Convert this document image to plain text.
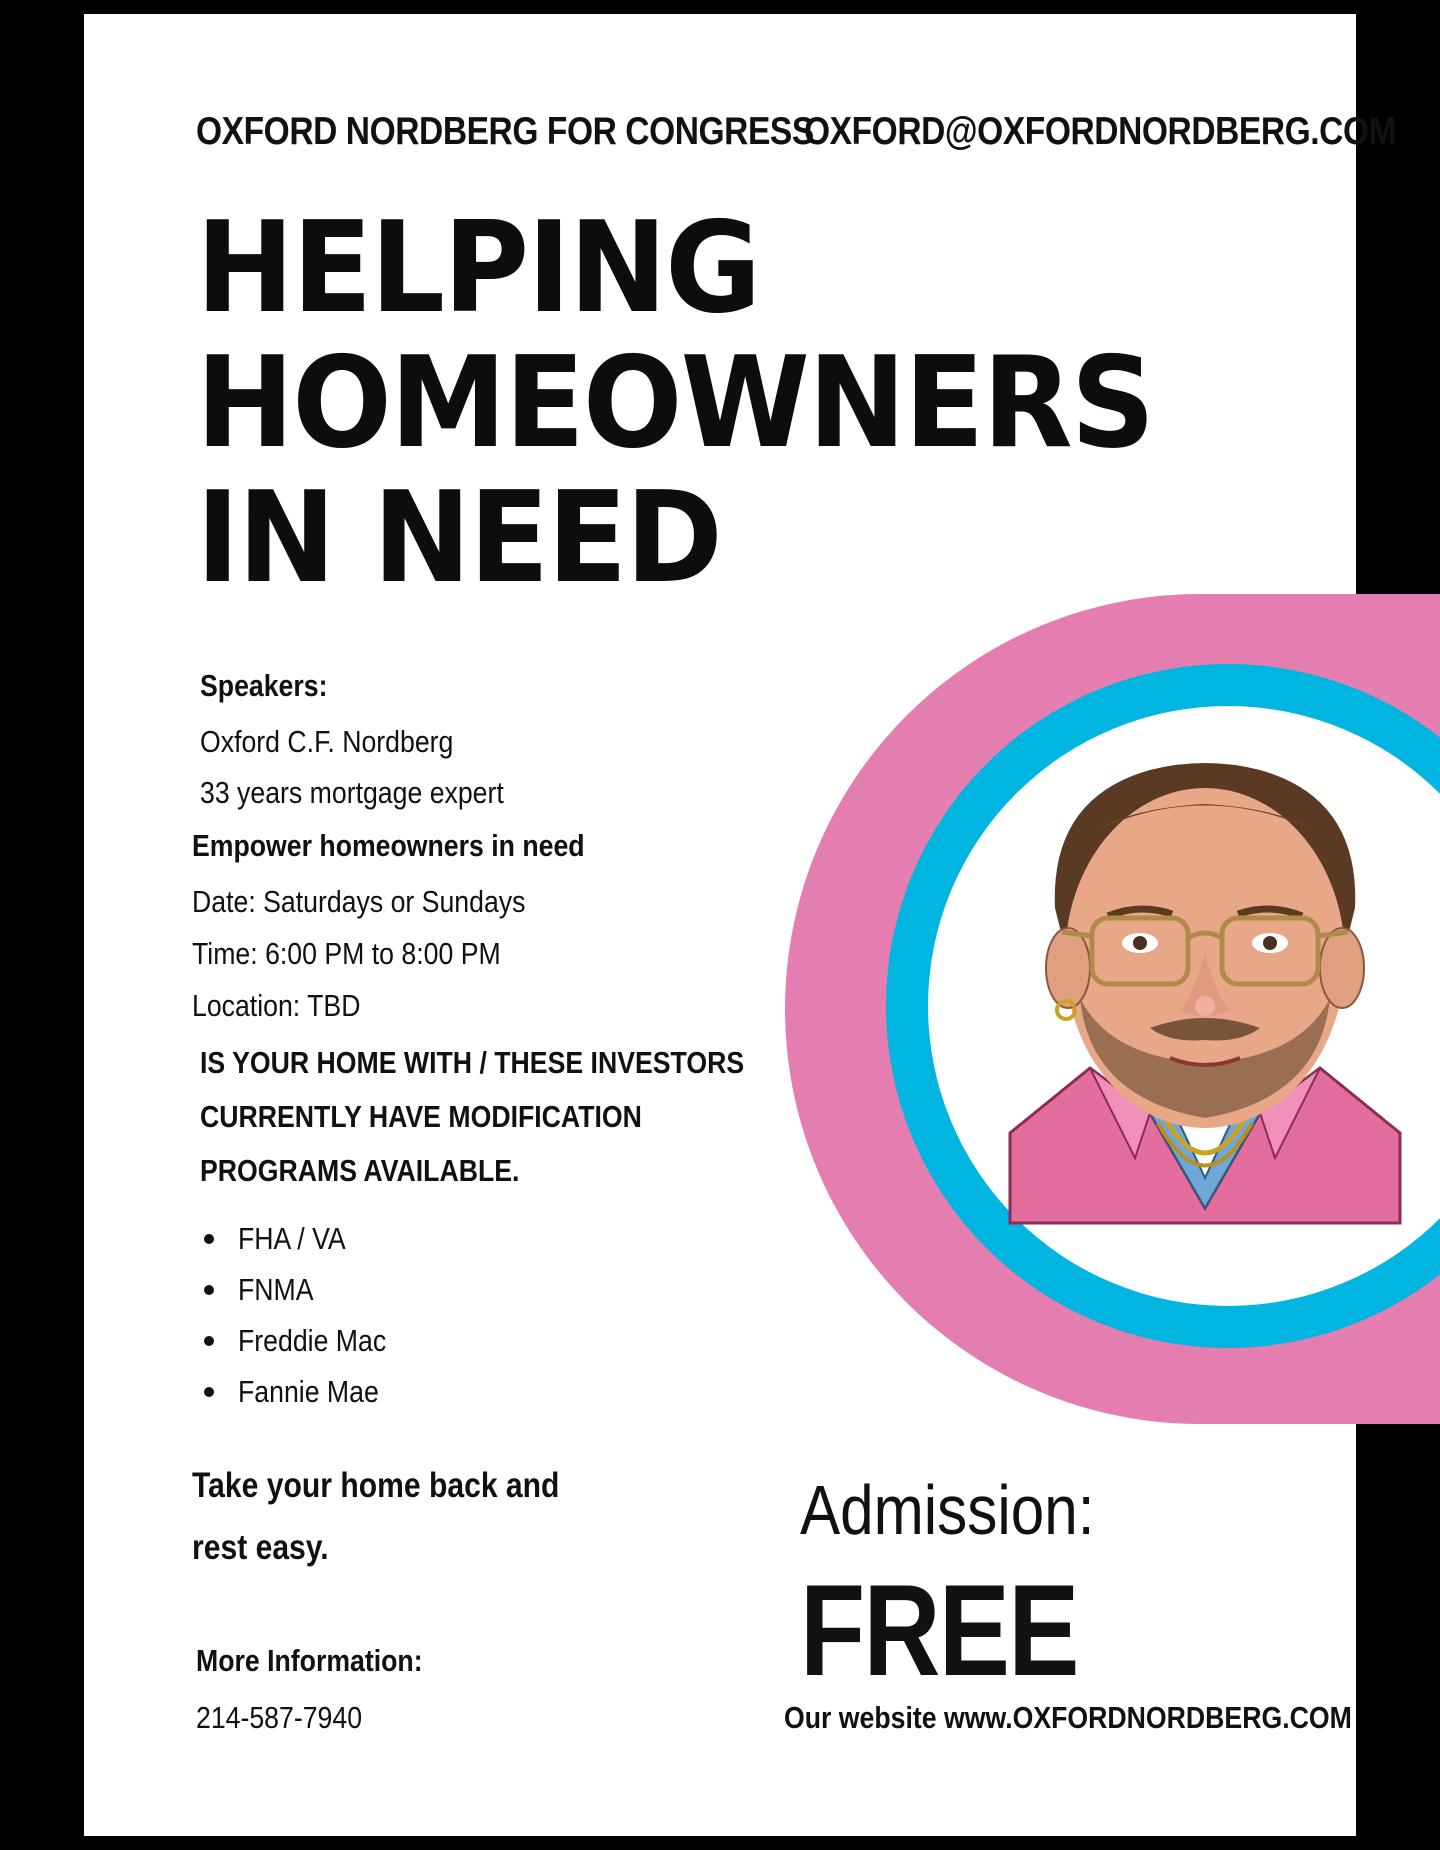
OXFORD NORDBERG FOR CONGRESS
OXFORD@OXFORDNORDBERG.COM
HELPING
HOMEOWNERS
IN NEED
Speakers:
Oxford C.F. Nordberg
33 years mortgage expert
Empower homeowners in need
Date: Saturdays or Sundays
Time: 6:00 PM to 8:00 PM
Location: TBD
IS YOUR HOME WITH / THESE INVESTORS
CURRENTLY HAVE MODIFICATION
PROGRAMS AVAILABLE.
FHA / VA
FNMA
Freddie Mac
Fannie Mae
Take your home back and
rest easy.
More Information:
214-587-7940
Admission:
FREE
Our website www.OXFORDNORDBERG.COM
